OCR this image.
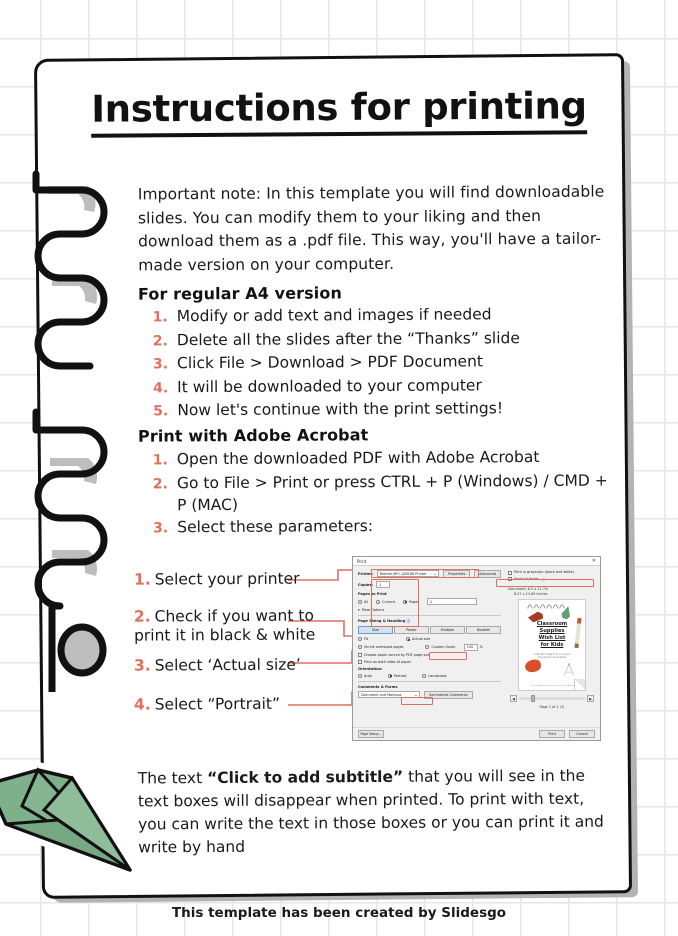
Instructions for printing
Important note: In this template you will find downloadable slides. You can modify them to your liking and then download them as a .pdf file. This way, you'll have a tailor-made version on your computer.
For regular A4 version
1. Modify or add text and images if needed
2. Delete all the slides after the “Thanks” slide
3. Click File > Download > PDF Document
4. It will be downloaded to your computer
5. Now let's continue with the print settings!
Print with Adobe Acrobat
1. Open the downloaded PDF with Adobe Acrobat
2. Go to File > Print or press CTRL + P (Windows) / CMD + P (MAC)
3. Select these parameters:
Print	✕
Printer: Brother MFC-J4l0DW Printer	Properties	Advanced
Copies: 1
Pages to Print
All	Current	Pages	1
▾ More Options
Page Sizing & Handling ⓘ
Size	Poster	Multiple	Booklet
Fit	Actual size
Shrink oversized pages	Custom Scale:	100 %
Choose paper source by PDF page size
Print on both sides of paper
Orientation:
Auto	Portrait	Landscape
Comments & Forms
Document and Markups	Summarize Comments
Print in grayscale (black and white)
Save ink/toner ⓘ
Document: 8.5 x 11.7in
8.27 x 11.69 Inches
Classroom
Supplies
Wish List
for Kids
A little bit of help from you goes a long way for our students
This template has been created by Slidesgo
◀	▶
Page 1 of 1 (1)
Page Setup...	Print	Cancel
1. Select your printer
2. Check if you want to print it in black & white
3. Select ‘Actual size’
4. Select “Portrait”
The text “Click to add subtitle” that you will see in the text boxes will disappear when printed. To print with text, you can write the text in those boxes or you can print it and write by hand
This template has been created by Slidesgo
